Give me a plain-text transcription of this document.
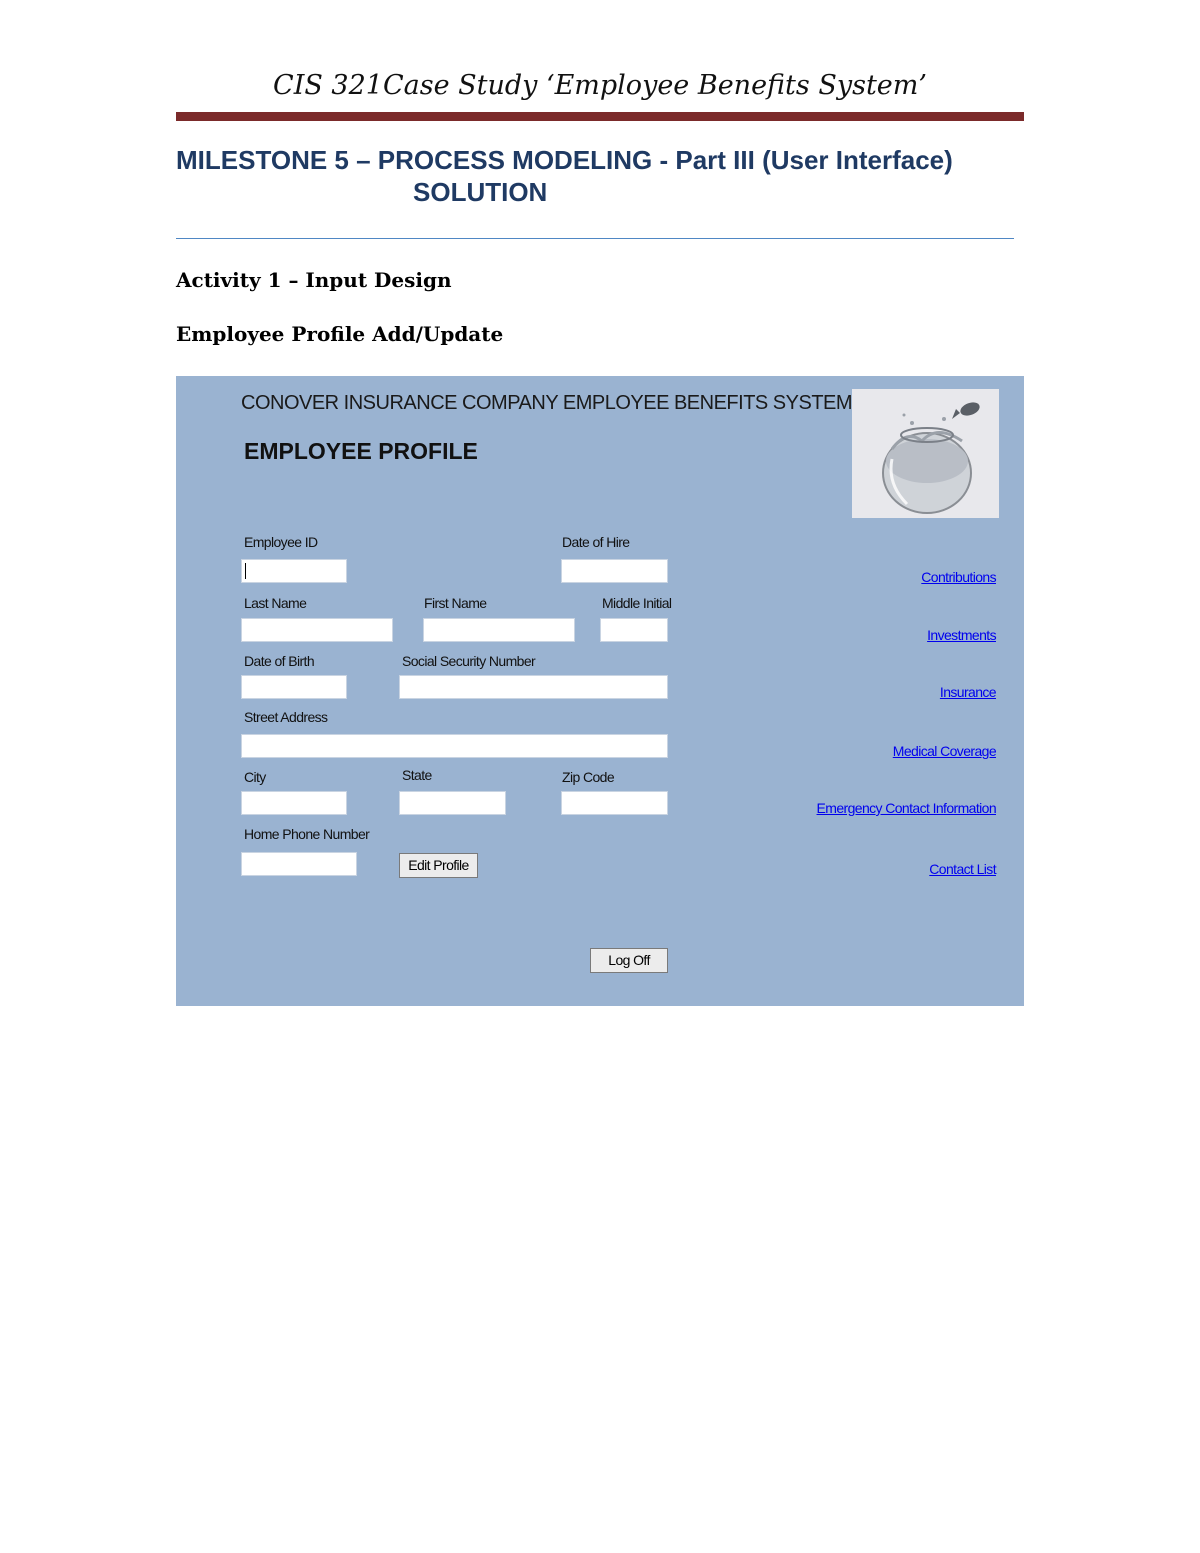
CIS 321Case Study ‘Employee Benefits System’
MILESTONE 5 – PROCESS MODELING - Part III (User Interface)
SOLUTION
Activity 1 – Input Design
Employee Profile Add/Update
CONOVER INSURANCE COMPANY EMPLOYEE BENEFITS SYSTEM
EMPLOYEE PROFILE
Employee ID	Date of Hire
Last Name	First Name	Middle Initial
Date of Birth	Social Security Number
Street Address
City	State	Zip Code
Home Phone Number
Edit Profile
Log Off
Contributions
Investments
Insurance
Medical Coverage
Emergency Contact Information
Contact List
